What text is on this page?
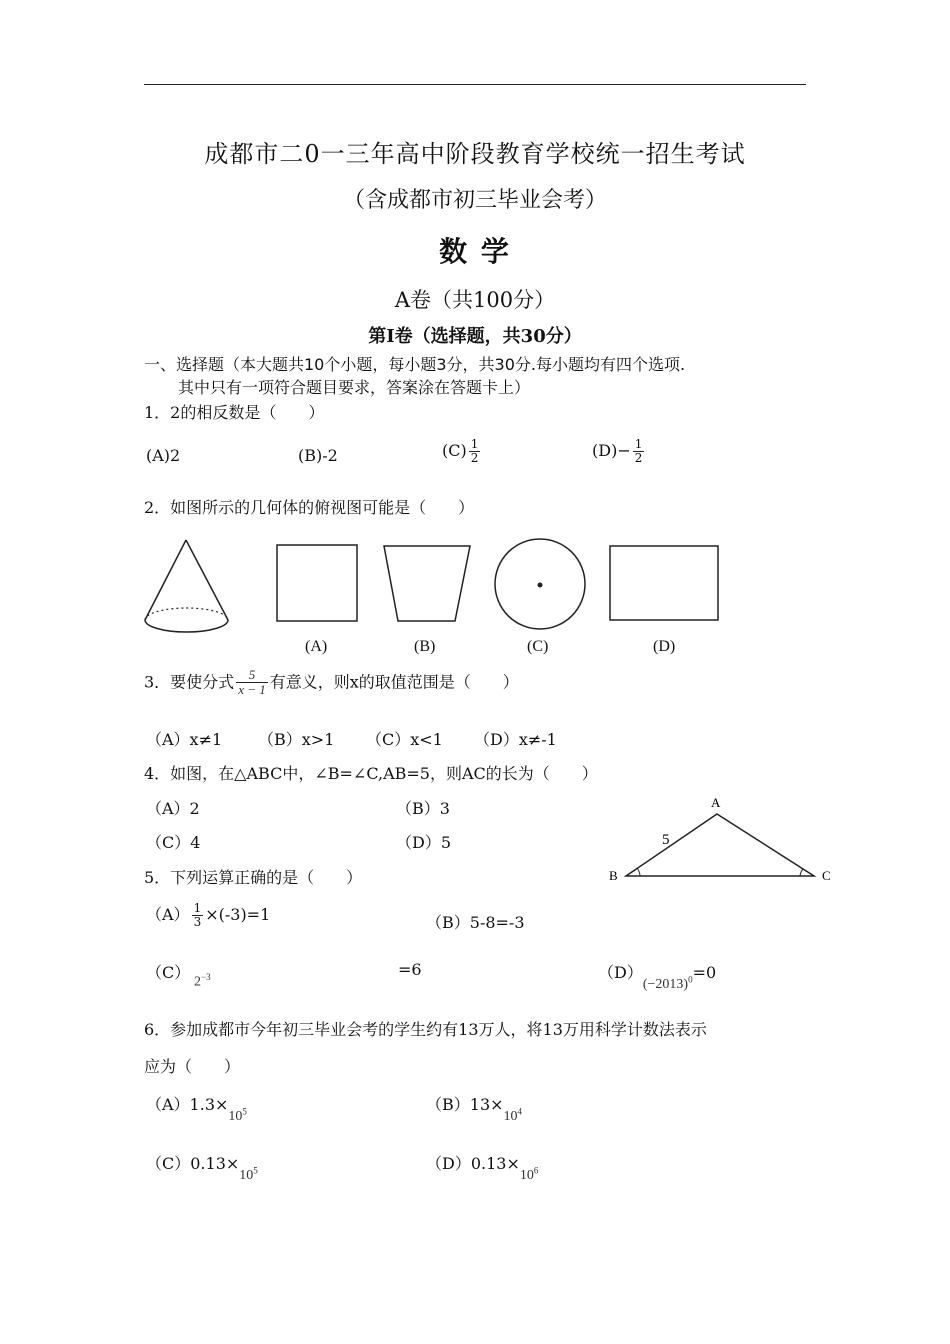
成都市二0一三年高中阶段教育学校统一招生考试
（含成都市初三毕业会考）
数 学
A卷（共100分）
第Ⅰ卷（选择题，共30分）
一、选择题（本大题共10个小题，每小题3分，共30分.每小题均有四个选项.
其中只有一项符合题目要求，答案涂在答题卡上）
1．2的相反数是（　　）
(A)2	(B)-2	$(C) \frac{1}{2}$	$(D)- \frac{1}{2}$
2．如图所示的几何体的俯视图可能是（　　）
(A)	(B)	(C)	(D)
3．要使分式 $\frac{5}{x - 1}$ 有意义，则x的取值范围是（　　）
（A）x≠1 （B）x>1 （C）x<1 （D）x≠-1
4．如图，在△ABC中，∠B=∠C,AB=5，则AC的长为（　　）
（A）2	（B）3
（C）4	（D）5
A
B	C
5
5．下列运算正确的是（　　）
$(A) \frac{1}{3} \times(-3)=1$	（B）5-8=-3
（C）
$2^{-3}$	=6	$(D)(-2013)^0=0$
6．参加成都市今年初三毕业会考的学生约有13万人，将13万用科学计数法表示
应为（　　）
$(A)1.3\times 10^5$	$(B)13\times 10^4$
$(C)0.13\times 10^5$	$(D)0.13\times 10^6$
